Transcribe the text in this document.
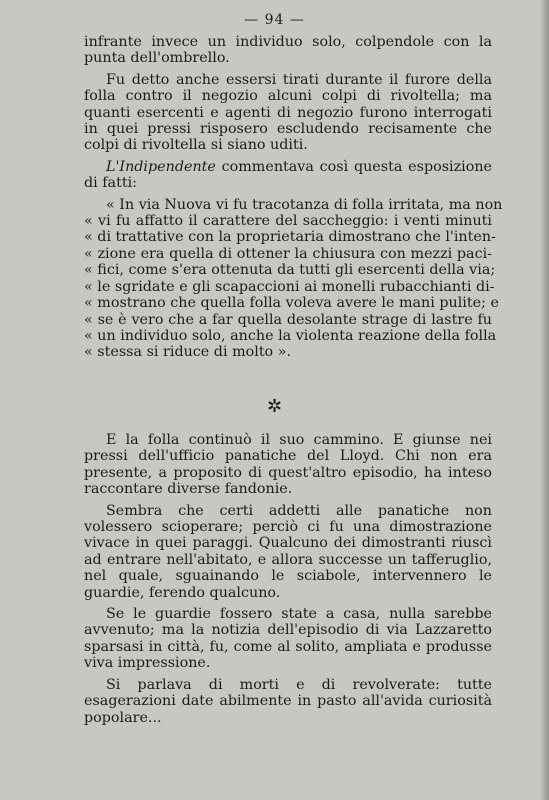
— 94 —

infrante invece un individuo solo, colpendole con la punta dell'ombrello.

Fu detto anche essersi tirati durante il furore della folla contro il negozio alcuni colpi di rivoltella; ma quanti esercenti e agenti di negozio furono interrogati in quei pressi risposero escludendo recisamente che colpi di rivoltella si siano uditi.

L'Indipendente commentava così questa esposizione di fatti:

« In via Nuova vi fu tracotanza di folla irritata, ma non
« vi fu affatto il carattere del saccheggio: i venti minuti
« di trattative con la proprietaria dimostrano che l'inten-
« zione era quella di ottener la chiusura con mezzi paci-
« fici, come s'era ottenuta da tutti gli esercenti della via;
« le sgridate e gli scapaccioni ai monelli rubacchianti di-
« mostrano che quella folla voleva avere le mani pulite; e
« se è vero che a far quella desolante strage di lastre fu
« un individuo solo, anche la violenta reazione della folla
« stessa si riduce di molto ».
✲

E la folla continuò il suo cammino. E giunse nei pressi dell'ufficio panatiche del Lloyd. Chi non era presente, a proposito di quest'altro episodio, ha inteso raccontare diverse fandonie.

Sembra che certi addetti alle panatiche non volessero scioperare; perciò ci fu una dimostrazione vivace in quei paraggi. Qualcuno dei dimostranti riuscì ad entrare nell'abitato, e allora successe un tafferuglio, nel quale, sguainando le sciabole, intervennero le guardie, ferendo qualcuno.

Se le guardie fossero state a casa, nulla sarebbe avvenuto; ma la notizia dell'episodio di via Lazzaretto sparsasi in città, fu, come al solito, ampliata e produsse viva impressione.

Si parlava di morti e di revolverate: tutte esagerazioni date abilmente in pasto all'avida curiosità popolare...
